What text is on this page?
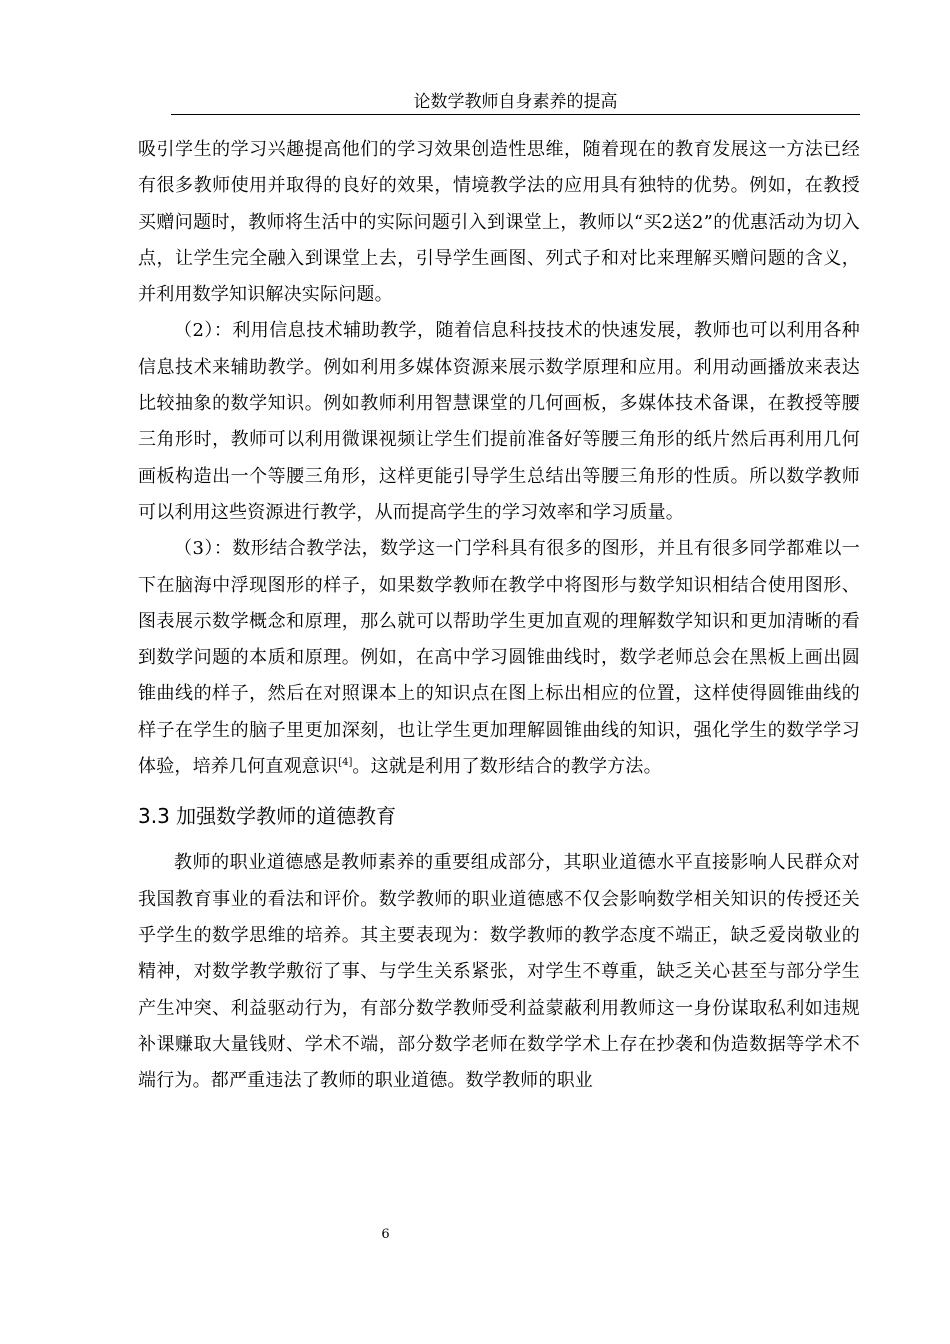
论数学教师自身素养的提高

吸引学生的学习兴趣提高他们的学习效果创造性思维，随着现在的教育发展这一方法已经有很多教师使用并取得的良好的效果，情境教学法的应用具有独特的优势。例如，在教授买赠问题时，教师将生活中的实际问题引入到课堂上，教师以“买2送2”的优惠活动为切入点，让学生完全融入到课堂上去，引导学生画图、列式子和对比来理解买赠问题的含义，并利用数学知识解决实际问题。

（2）：利用信息技术辅助教学，随着信息科技技术的快速发展，教师也可以利用各种信息技术来辅助教学。例如利用多媒体资源来展示数学原理和应用。利用动画播放来表达比较抽象的数学知识。例如教师利用智慧课堂的几何画板，多媒体技术备课，在教授等腰三角形时，教师可以利用微课视频让学生们提前准备好等腰三角形的纸片然后再利用几何画板构造出一个等腰三角形，这样更能引导学生总结出等腰三角形的性质。所以数学教师可以利用这些资源进行教学，从而提高学生的学习效率和学习质量。

（3）：数形结合教学法，数学这一门学科具有很多的图形，并且有很多同学都难以一下在脑海中浮现图形的样子，如果数学教师在教学中将图形与数学知识相结合使用图形、图表展示数学概念和原理，那么就可以帮助学生更加直观的理解数学知识和更加清晰的看到数学问题的本质和原理。例如，在高中学习圆锥曲线时，数学老师总会在黑板上画出圆锥曲线的样子，然后在对照课本上的知识点在图上标出相应的位置，这样使得圆锥曲线的样子在学生的脑子里更加深刻，也让学生更加理解圆锥曲线的知识，强化学生的数学学习体验，培养几何直观意识[4]。这就是利用了数形结合的教学方法。

3.3 加强数学教师的道德教育

教师的职业道德感是教师素养的重要组成部分，其职业道德水平直接影响人民群众对我国教育事业的看法和评价。数学教师的职业道德感不仅会影响数学相关知识的传授还关乎学生的数学思维的培养。其主要表现为：数学教师的教学态度不端正，缺乏爱岗敬业的精神，对数学教学敷衍了事、与学生关系紧张，对学生不尊重，缺乏关心甚至与部分学生产生冲突、利益驱动行为，有部分数学教师受利益蒙蔽利用教师这一身份谋取私利如违规补课赚取大量钱财、学术不端，部分数学老师在数学学术上存在抄袭和伪造数据等学术不端行为。都严重违法了教师的职业道德。数学教师的职业

6
